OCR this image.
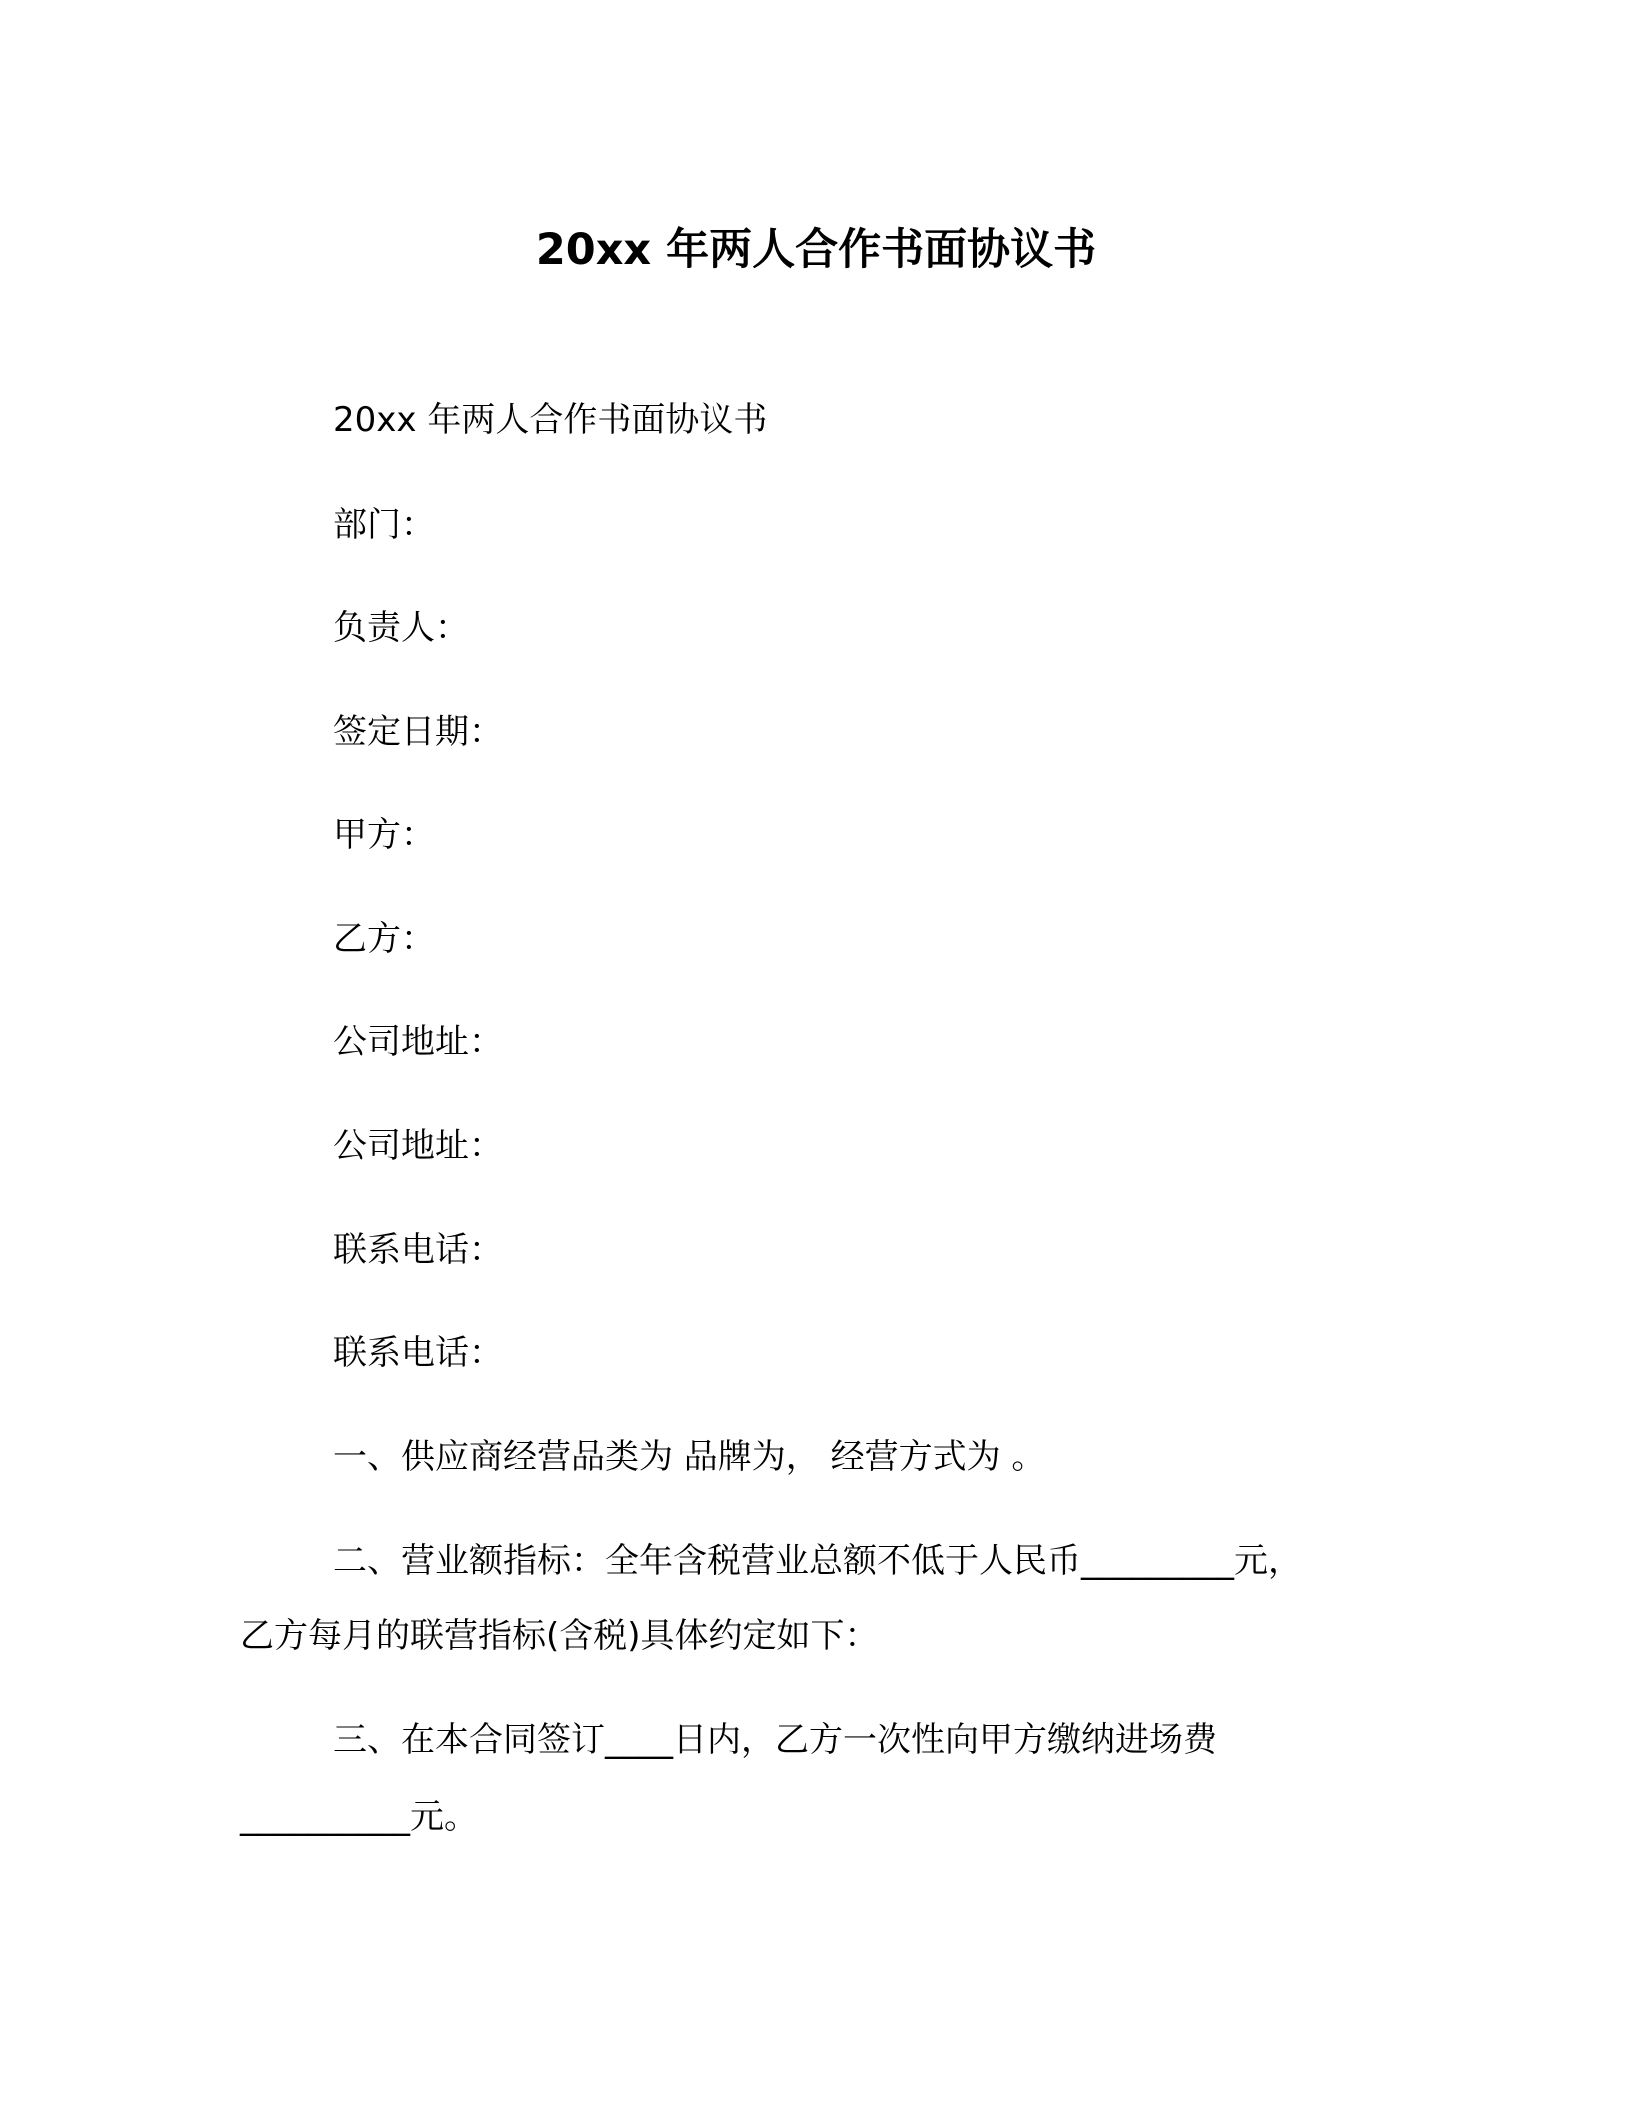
20xx 年两人合作书面协议书
20xx 年两人合作书面协议书
部门：
负责人：
签定日期：
甲方：
乙方：
公司地址：
公司地址：
联系电话：
联系电话：
一、供应商经营品类为 品牌为， 经营方式为 。
二、营业额指标：全年含税营业总额不低于人民币_________元，
乙方每月的联营指标(含税)具体约定如下：
三、在本合同签订____日内，乙方一次性向甲方缴纳进场费
__________元。
